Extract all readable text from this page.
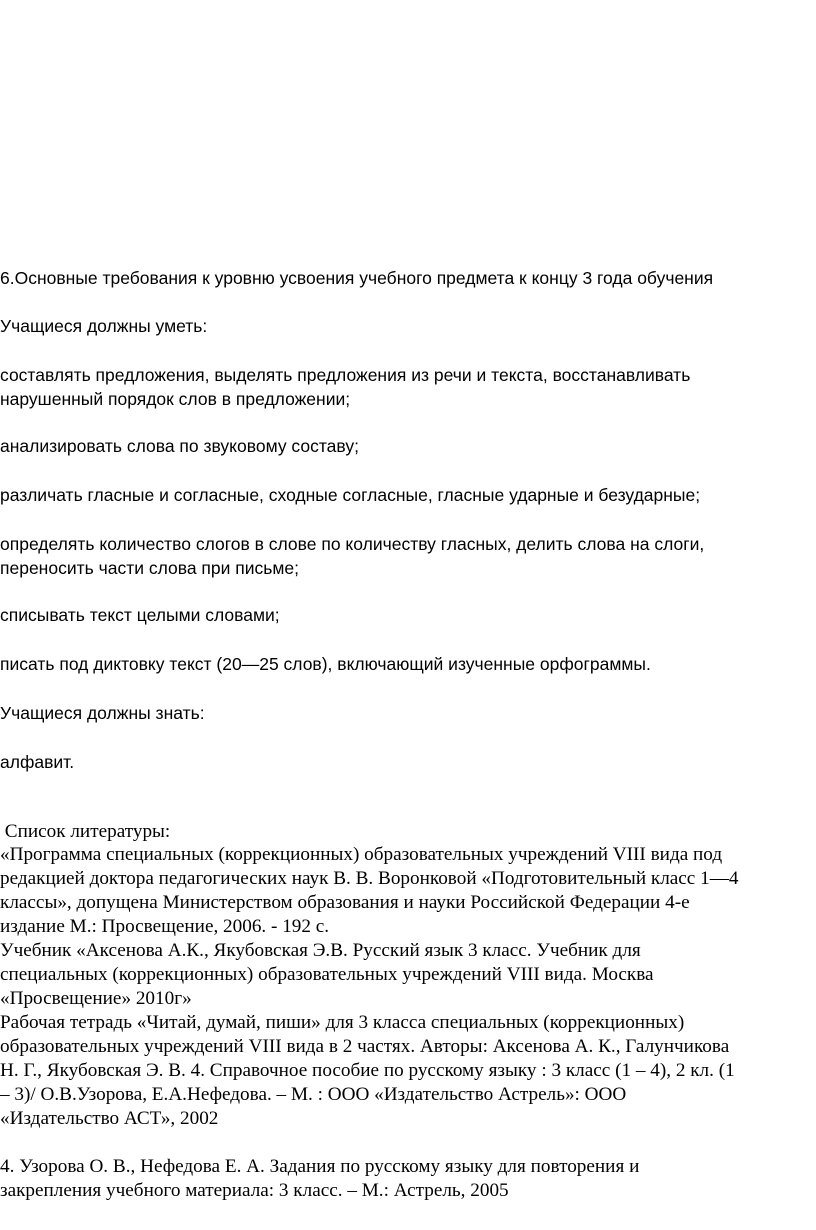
6.Основные требования к уровню усвоения учебного предмета к концу 3 года обучения

Учащиеся должны уметь:

составлять предложения, выделять предложения из речи и текста, восстанавливать
нарушенный порядок слов в предложении;

анализировать слова по звуковому составу;

различать гласные и согласные, сходные согласные, гласные ударные и безударные;

определять количество слогов в слове по количеству гласных, делить слова на слоги,
переносить части слова при письме;

списывать текст целыми словами;

писать под диктовку текст (20—25 слов), включающий изученные орфограммы.

Учащиеся должны знать:

алфавит.

Список литературы:

«Программа специальных (коррекционных) образовательных учреждений VIII вида под
редакцией доктора педагогических наук В. В. Воронковой «Подготовительный класс 1—4
классы», допущена Министерством образования и науки Российской Федерации 4-е
издание М.: Просвещение, 2006. - 192 с.
Учебник «Аксенова А.К., Якубовская Э.В. Русский язык 3 класс. Учебник для
специальных (коррекционных) образовательных учреждений VIII вида. Москва
«Просвещение» 2010г»
Рабочая тетрадь «Читай, думай, пиши» для 3 класса специальных (коррекционных)
образовательных учреждений VIII вида в 2 частях. Авторы: Аксенова А. К., Галунчикова
Н. Г., Якубовская Э. В. 4. Справочное пособие по русскому языку : 3 класс (1 – 4), 2 кл. (1
– 3)/ О.В.Узорова, Е.А.Нефедова. – М. : ООО «Издательство Астрель»: ООО
«Издательство АСТ», 2002
4. Узорова О. В., Нефедова Е. А. Задания по русскому языку для повторения и
закрепления учебного материала: 3 класс. – М.: Астрель, 2005
